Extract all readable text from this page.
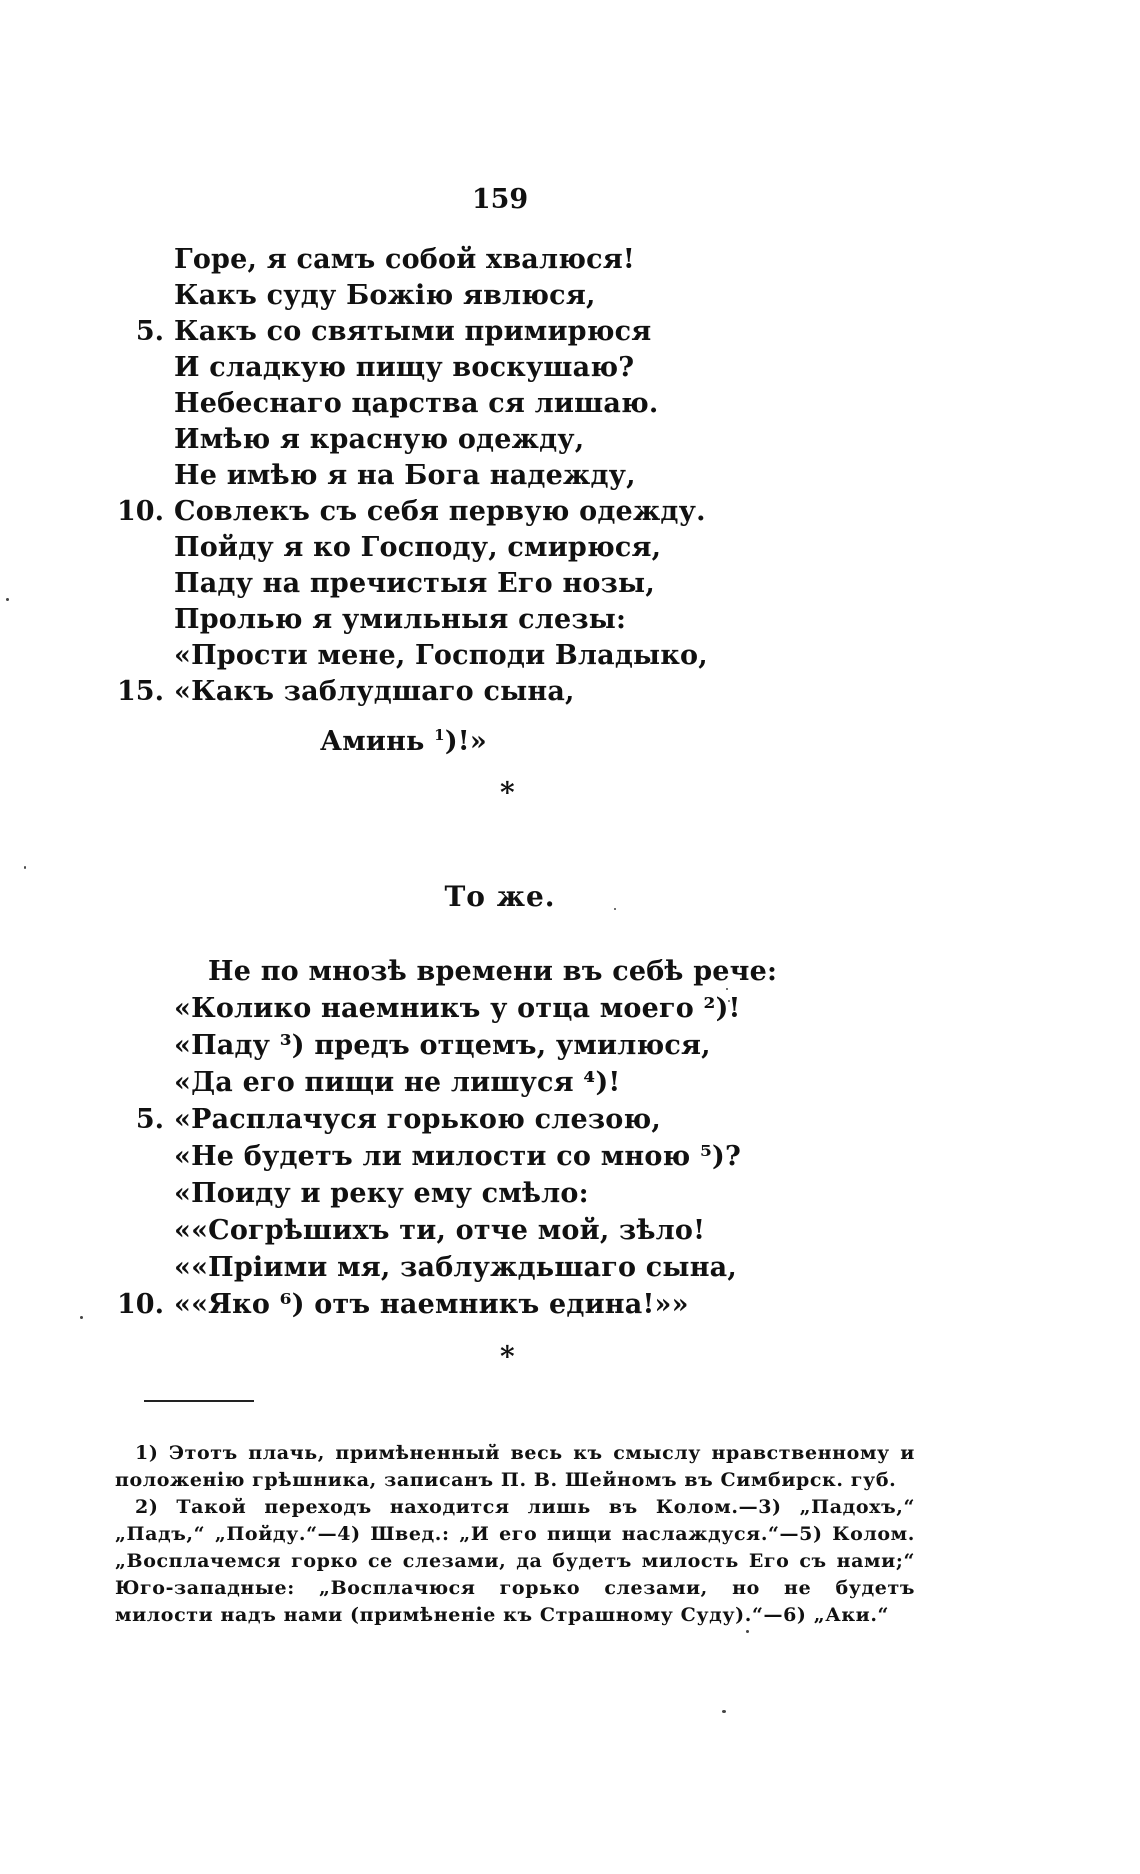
159
Аминь $^1$)!»
*
То же.
*
1) Этотъ плачь, примѣненный весь къ смыслу нравственному и положенію грѣшника, записанъ П. В. Шейномъ въ Симбирск. губ.
2) Такой переходъ находится лишь въ Колом.—3) „Падохъ,“ „Падъ,“ „Пойду.“—4) Швед.: „И его пищи наслаждуся.“—5) Колом. „Восплачемся горко се слезами, да будетъ милость Его съ нами;“ Юго-западные: „Восплачюся горько слезами, но не будетъ милости надъ нами (примѣненіе къ Страшному Суду).“—6) „Аки.“
Горе, я самъ собой хвалюся!
Какъ суду Божію явлюся,
5. Какъ со святыми примирюся
И сладкую пищу воскушаю?
Небеснаго царства ся лишаю.
Имѣю я красную одежду,
Не имѣю я на Бога надежду,
10. Совлекъ съ себя первую одежду.
Пойду я ко Господу, смирюся,
Паду на пречистыя Его нозы,
Пролью я умильныя слезы:
«Прости мене, Господи Владыко,
15. «Какъ заблудшаго сына,
Не по мнозѣ времени въ себѣ рече:
«Колико наемникъ у отца моего ²)!
«Паду ³) предъ отцемъ, умилюся,
«Да его пищи не лишуся ⁴)!
5. «Расплачуся горькою слезою,
«Не будетъ ли милости со мною ⁵)?
«Поиду и реку ему смѣло:
««Согрѣшихъ ти, отче мой, зѣло!
««Пріими мя, заблуждьшаго сына,
10. ««Яко ⁶) отъ наемникъ едина!»»
